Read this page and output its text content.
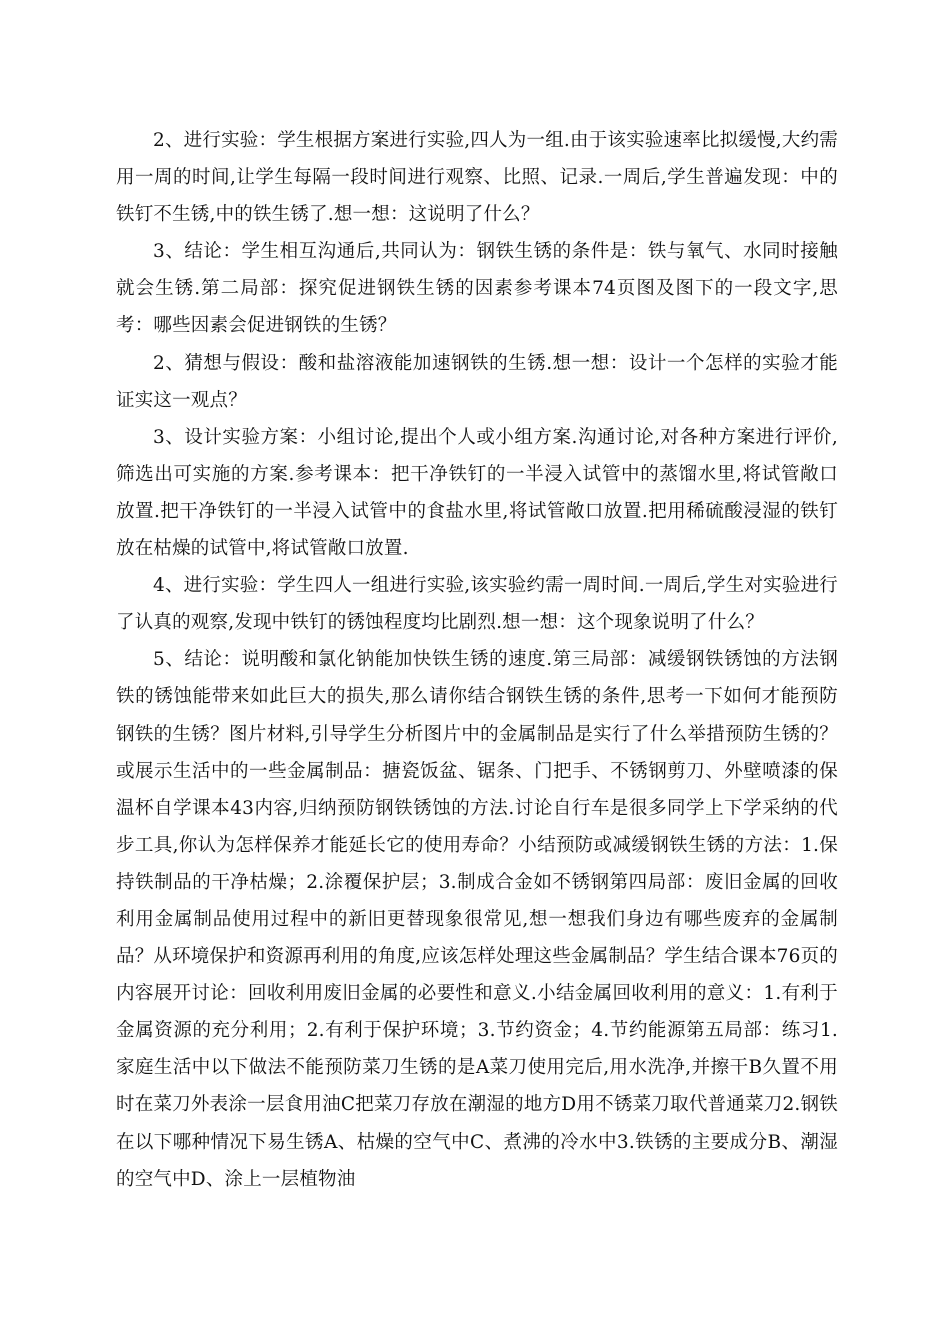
2、进行实验：学生根据方案进行实验,四人为一组.由于该实验速率比拟缓慢,大约需用一周的时间,让学生每隔一段时间进行观察、比照、记录.一周后,学生普遍发现：中的铁钉不生锈,中的铁生锈了.想一想：这说明了什么？

3、结论：学生相互沟通后,共同认为：钢铁生锈的条件是：铁与氧气、水同时接触就会生锈.第二局部：探究促进钢铁生锈的因素参考课本74页图及图下的一段文字,思考：哪些因素会促进钢铁的生锈？

2、猜想与假设：酸和盐溶液能加速钢铁的生锈.想一想：设计一个怎样的实验才能证实这一观点？

3、设计实验方案：小组讨论,提出个人或小组方案.沟通讨论,对各种方案进行评价,筛选出可实施的方案.参考课本：把干净铁钉的一半浸入试管中的蒸馏水里,将试管敞口放置.把干净铁钉的一半浸入试管中的食盐水里,将试管敞口放置.把用稀硫酸浸湿的铁钉放在枯燥的试管中,将试管敞口放置.

4、进行实验：学生四人一组进行实验,该实验约需一周时间.一周后,学生对实验进行了认真的观察,发现中铁钉的锈蚀程度均比剧烈.想一想：这个现象说明了什么？

5、结论：说明酸和氯化钠能加快铁生锈的速度.第三局部：减缓钢铁锈蚀的方法钢铁的锈蚀能带来如此巨大的损失,那么请你结合钢铁生锈的条件,思考一下如何才能预防钢铁的生锈？图片材料,引导学生分析图片中的金属制品是实行了什么举措预防生锈的？或展示生活中的一些金属制品：搪瓷饭盆、锯条、门把手、不锈钢剪刀、外壁喷漆的保温杯自学课本43内容,归纳预防钢铁锈蚀的方法.讨论自行车是很多同学上下学采纳的代步工具,你认为怎样保养才能延长它的使用寿命？小结预防或减缓钢铁生锈的方法：1.保持铁制品的干净枯燥；2.涂覆保护层；3.制成合金如不锈钢第四局部：废旧金属的回收利用金属制品使用过程中的新旧更替现象很常见,想一想我们身边有哪些废弃的金属制品？从环境保护和资源再利用的角度,应该怎样处理这些金属制品？学生结合课本76页的内容展开讨论：回收利用废旧金属的必要性和意义.小结金属回收利用的意义：1.有利于金属资源的充分利用；2.有利于保护环境；3.节约资金；4.节约能源第五局部：练习1.家庭生活中以下做法不能预防菜刀生锈的是A菜刀使用完后,用水洗净,并擦干B久置不用时在菜刀外表涂一层食用油C把菜刀存放在潮湿的地方D用不锈菜刀取代普通菜刀2.钢铁在以下哪种情况下易生锈A、枯燥的空气中C、煮沸的冷水中3.铁锈的主要成分B、潮湿的空气中D、涂上一层植物油
